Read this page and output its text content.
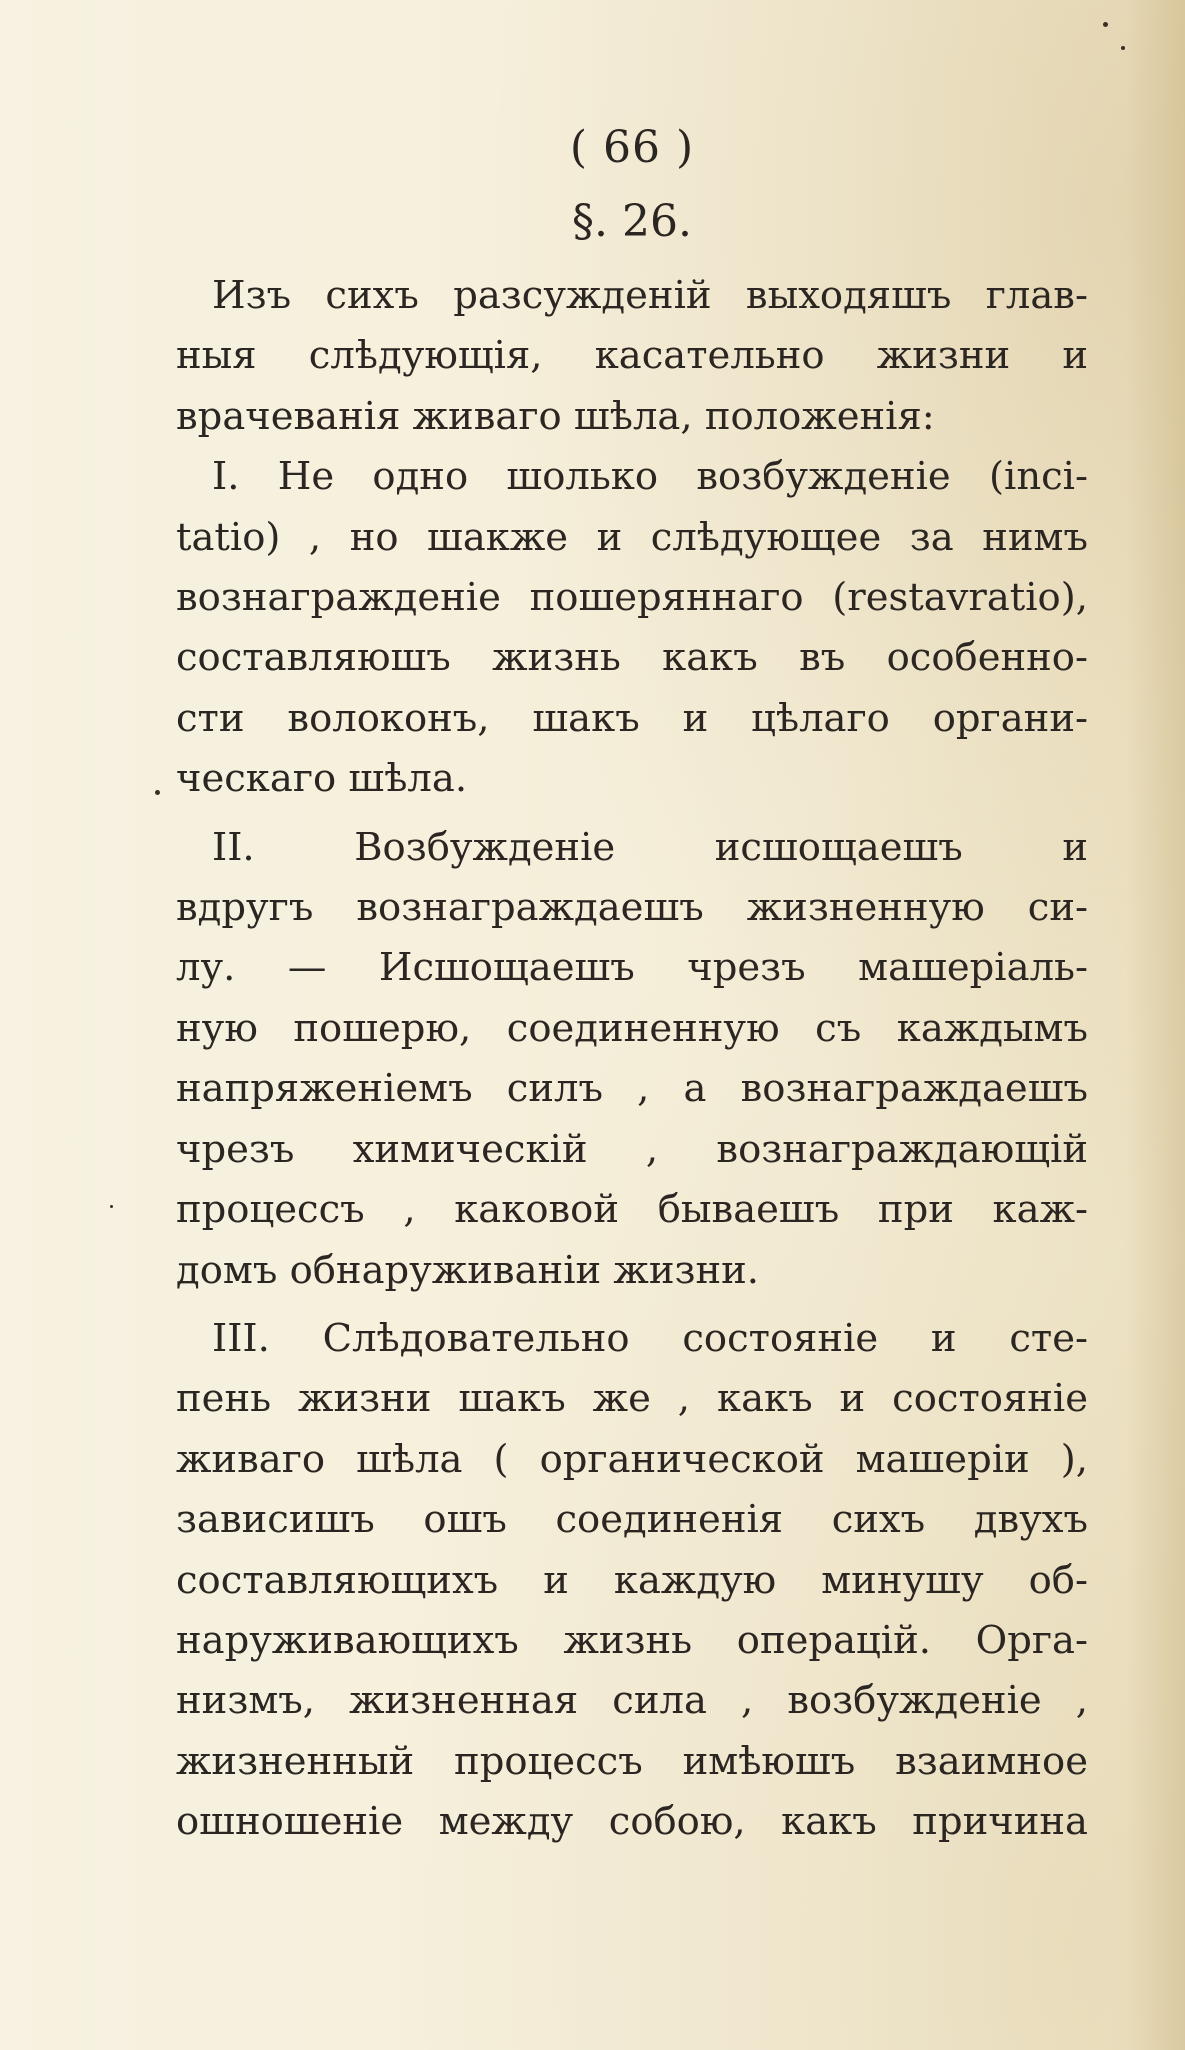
( 66 )
§. 26.
Изъ сихъ разсужденій выходяшъ глав-
ныя слѣдующія, касательно жизни и
врачеванія живаго шѣла, положенія:
I. Не одно шолько возбужденіе (inci-
tatio) , но шакже и слѣдующее за нимъ
вознагражденіе пошеряннаго (restavratio),
составляюшъ жизнь какъ въ особенно-
сти волоконъ, шакъ и цѣлаго органи-
ческаго шѣла.
II. Возбужденіе исшощаешъ и
вдругъ вознаграждаешъ жизненную си-
лу. — Исшощаешъ чрезъ машеріаль-
ную пошерю, соединенную съ каждымъ
напряженіемъ силъ , а вознаграждаешъ
чрезъ химическій , вознаграждающій
процессъ , каковой бываешъ при каж-
домъ обнаруживаніи жизни.
III. Слѣдовательно состояніе и сте-
пень жизни шакъ же , какъ и состояніе
живаго шѣла ( органической машеріи ),
зависишъ ошъ соединенія сихъ двухъ
составляющихъ и каждую минушу об-
наруживающихъ жизнь операцій. Орга-
низмъ, жизненная сила , возбужденіе ,
жизненный процессъ имѣюшъ взаимное
ошношеніе между собою, какъ причина
